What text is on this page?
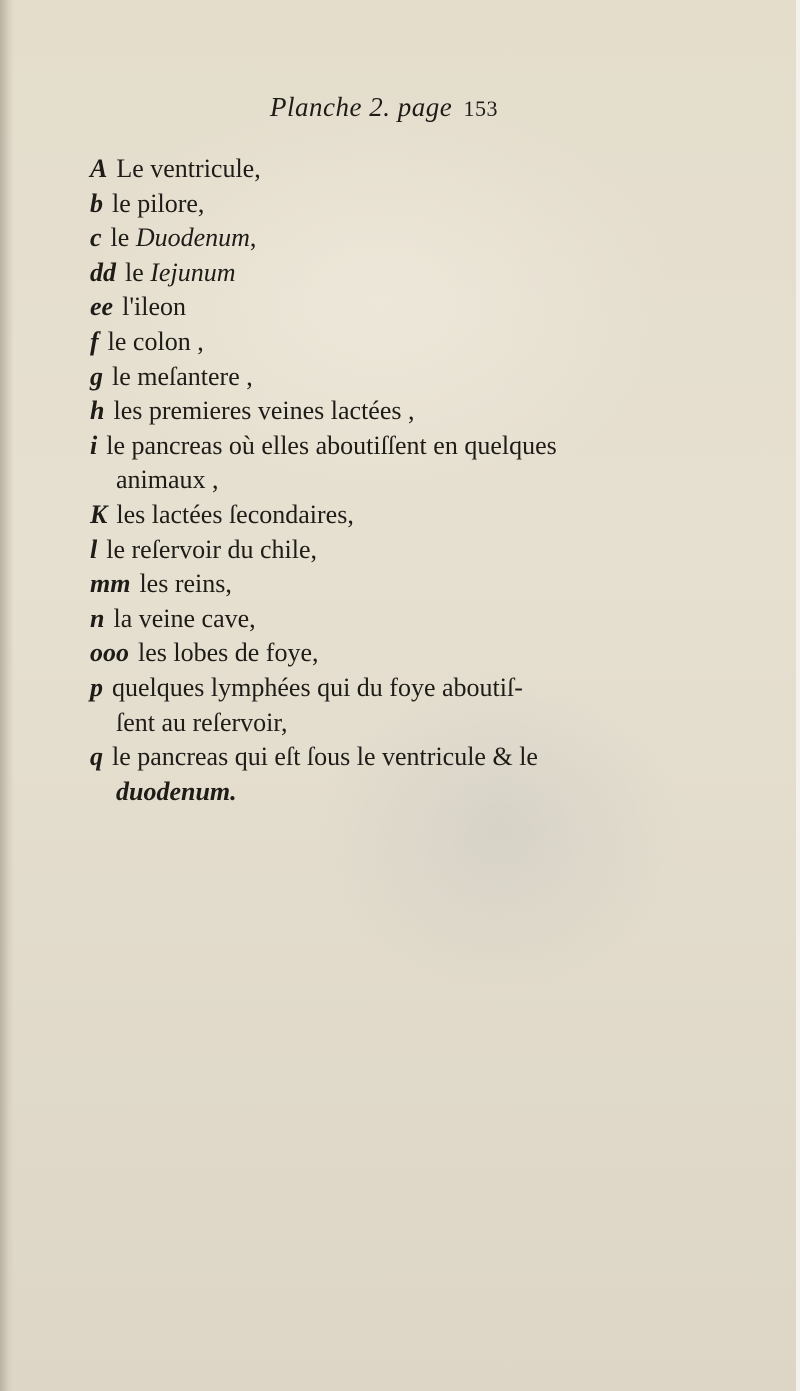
Planche 2. page 153
A Le ventricule,
b le pilore,
c le Duodenum,
dd le Iejunum
ee l'ileon
f le colon ,
g le meſantere ,
h les premieres veines lactées ,
i le pancreas où elles aboutiſſent en quelques
animaux ,
K les lactées ſecondaires,
l le reſervoir du chile,
mm les reins,
n la veine cave,
ooo les lobes de foye,
p quelques lymphées qui du foye aboutiſ-
ſent au reſervoir,
q le pancreas qui eſt ſous le ventricule & le
duodenum.
